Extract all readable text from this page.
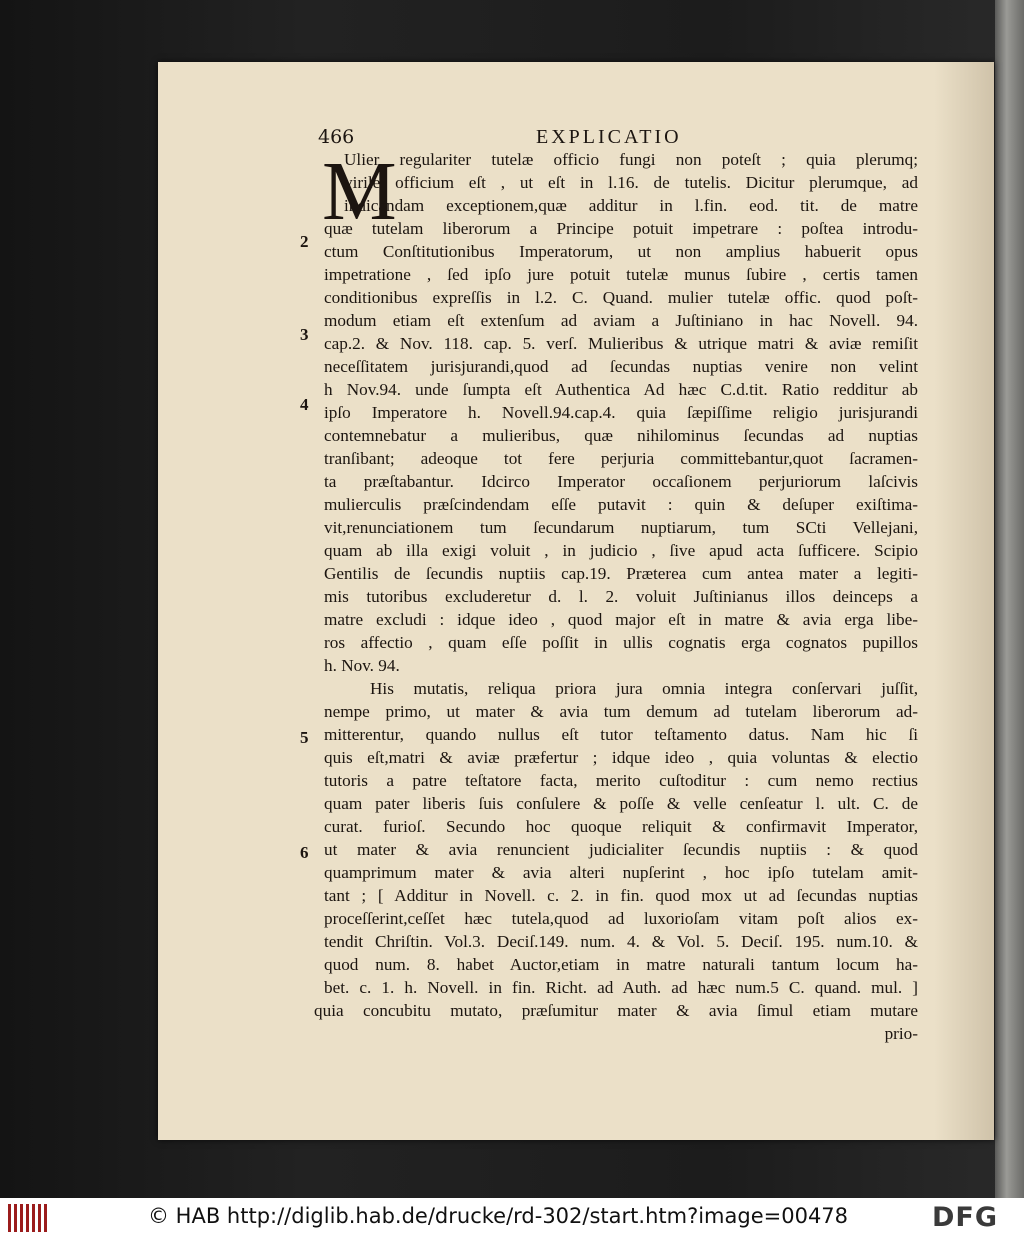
466	EXPLICATIO
M
2
3
4
5
6
Ulier regulariter tutelæ officio fungi non poteſt ; quia plerumq;
virile officium eſt , ut eſt in l.16. de tutelis. Dicitur plerumque, ad
indicandam exceptionem,quæ additur in l.fin. eod. tit. de matre
quæ tutelam liberorum a Principe potuit impetrare : poſtea introdu-
ctum Conſtitutionibus Imperatorum, ut non amplius habuerit opus
impetratione , ſed ipſo jure potuit tutelæ munus ſubire , certis tamen
conditionibus expreſſis in l.2. C. Quand. mulier tutelæ offic. quod poſt-
modum etiam eſt extenſum ad aviam a Juſtiniano in hac Novell. 94.
cap.2. & Nov. 118. cap. 5. verſ. Mulieribus & utrique matri & aviæ remiſit
neceſſitatem jurisjurandi,quod ad ſecundas nuptias venire non velint
h Nov.94. unde ſumpta eſt Authentica Ad hæc C.d.tit. Ratio redditur ab
ipſo Imperatore h. Novell.94.cap.4. quia ſæpiſſime religio jurisjurandi
contemnebatur a mulieribus, quæ nihilominus ſecundas ad nuptias
tranſibant; adeoque tot fere perjuria committebantur,quot ſacramen-
ta præſtabantur. Idcirco Imperator occaſionem perjuriorum laſcivis
mulierculis præſcindendam eſſe putavit : quin & deſuper exiſtima-
vit,renunciationem tum ſecundarum nuptiarum, tum SCti Vellejani,
quam ab illa exigi voluit , in judicio , ſive apud acta ſufficere. Scipio
Gentilis de ſecundis nuptiis cap.19. Præterea cum antea mater a legiti-
mis tutoribus excluderetur d. l. 2. voluit Juſtinianus illos deinceps a
matre excludi : idque ideo , quod major eſt in matre & avia erga libe-
ros affectio , quam eſſe poſſit in ullis cognatis erga cognatos pupillos
h. Nov. 94.
His mutatis, reliqua priora jura omnia integra conſervari juſſit,
nempe primo, ut mater & avia tum demum ad tutelam liberorum ad-
mitterentur, quando nullus eſt tutor teſtamento datus. Nam hic ſi
quis eſt,matri & aviæ præfertur ; idque ideo , quia voluntas & electio
tutoris a patre teſtatore facta, merito cuſtoditur : cum nemo rectius
quam pater liberis ſuis conſulere & poſſe & velle cenſeatur l. ult. C. de
curat. furioſ. Secundo hoc quoque reliquit & confirmavit Imperator,
ut mater & avia renuncient judicialiter ſecundis nuptiis : & quod
quamprimum mater & avia alteri nupſerint , hoc ipſo tutelam amit-
tant ; [ Additur in Novell. c. 2. in fin. quod mox ut ad ſecundas nuptias
proceſſerint,ceſſet hæc tutela,quod ad luxorioſam vitam poſt alios ex-
tendit Chriſtin. Vol.3. Deciſ.149. num. 4. & Vol. 5. Deciſ. 195. num.10. &
quod num. 8. habet Auctor,etiam in matre naturali tantum locum ha-
bet. c. 1. h. Novell. in fin. Richt. ad Auth. ad hæc num.5 C. quand. mul. ]
quia concubitu mutato, præſumitur mater & avia ſimul etiam mutare
prio-
© HAB http://diglib.hab.de/drucke/rd-302/start.htm?image=00478	DFG
